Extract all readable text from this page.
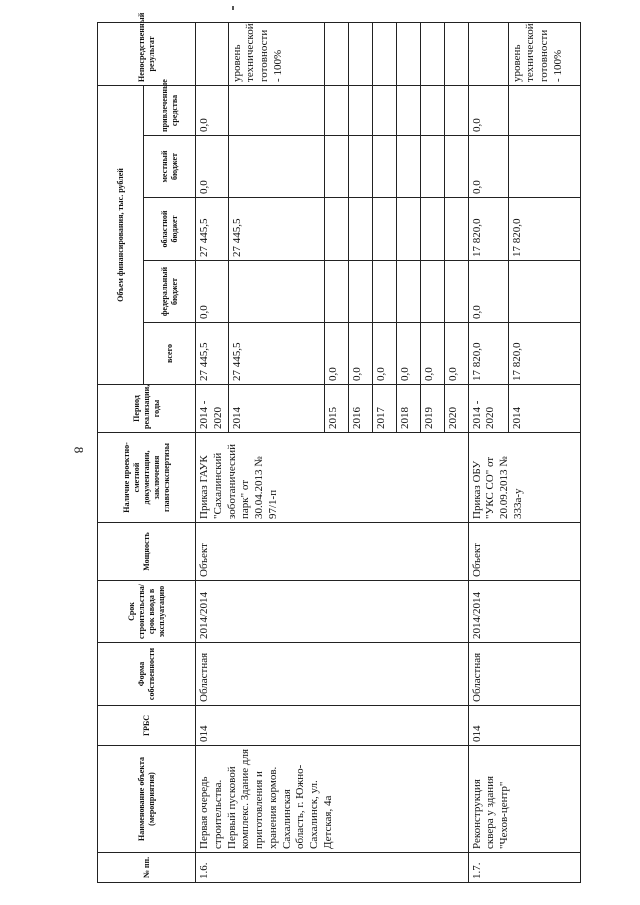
8
№ пп.	Наименование объекта (мероприятия)	ГРБС	Форма собственности	Срок строительства/срок ввода в эксплуатацию	Мощность	Наличие проектно-сметной документации, заключения главгосэкспертизы	Период реализации, годы	Объем финансирования, тыс. рублей					Непосредственный результат
								всего	федеральный бюджет	областной бюджет	местный бюджет	привлеченные средства	
1.6.	Первая очередь строительства. Первый пусковой комплекс. Здание для приготовления и хранения кормов. Сахалинская область, г. Южно-Сахалинск, ул. Детская, 4а	014	Областная	2014/2014	Объект	Приказ ГАУК "Сахалинский зоботанический парк" от 30.04.2013 № 97/1-п	2014 - 2020	27 445,5	0,0	27 445,5	0,0	0,0	
							2014	27 445,5		27 445,5			уровень технической готовности - 100%
							2015	0,0					
							2016	0,0					
							2017	0,0					
							2018	0,0					
							2019	0,0					
							2020	0,0					
1.7.	Реконструкция сквера у здания "Чехов-центр"	014	Областная	2014/2014	Объект	Приказ ОБУ "УКС СО" от 20.09.2013 № 333а-у	2014 - 2020	17 820,0	0,0	17 820,0	0,0	0,0	
							2014	17 820,0		17 820,0			уровень технической готовности - 100%
